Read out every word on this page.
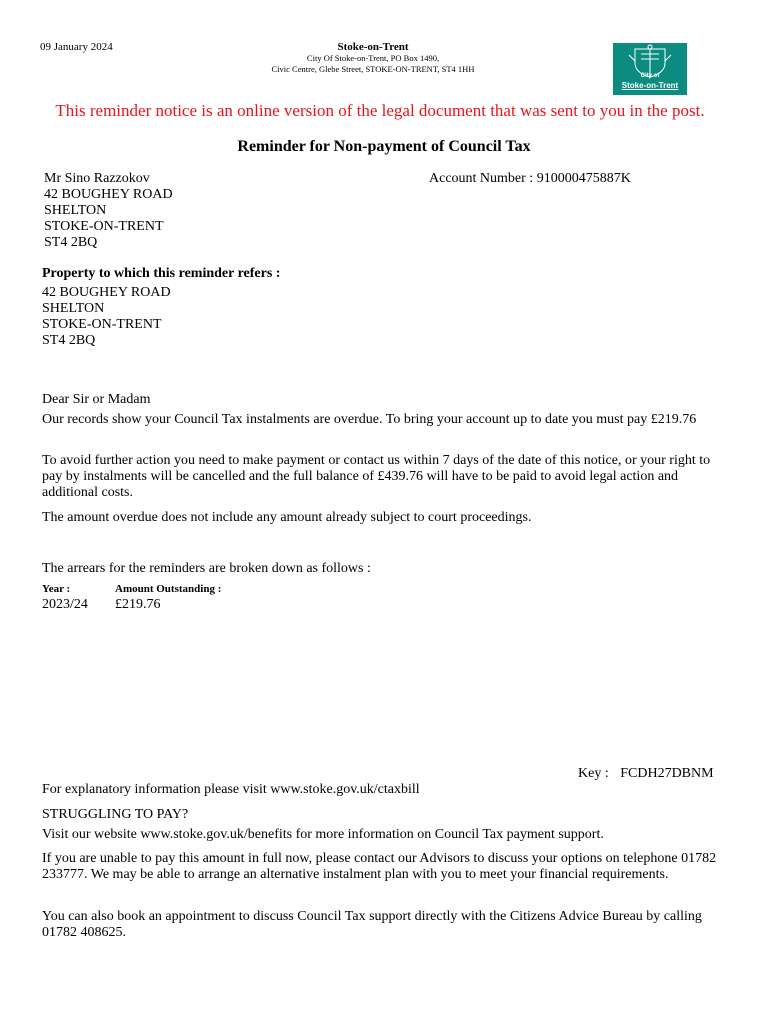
09 January 2024	Stoke-on-Trent
City Of Stoke-on-Trent, PO Box 1490,
Civic Centre, Glebe Street, STOKE-ON-TRENT, ST4 1HH
City of
Stoke-on-Trent
This reminder notice is an online version of the legal document that was sent to you in the post.
Reminder for Non-payment of Council Tax
Mr Sino Razzokov
42 BOUGHEY ROAD
SHELTON
STOKE-ON-TRENT
ST4 2BQ
Account Number : 910000475887K
Property to which this reminder refers :
42 BOUGHEY ROAD
SHELTON
STOKE-ON-TRENT
ST4 2BQ
Dear Sir or Madam
Our records show your Council Tax instalments are overdue. To bring your account up to date you must pay £219.76
To avoid further action you need to make payment or contact us within 7 days of the date of this notice, or your right to pay by instalments will be cancelled and the full balance of £439.76 will have to be paid to avoid legal action and additional costs.
The amount overdue does not include any amount already subject to court proceedings.
The arrears for the reminders are broken down as follows :
Year :	Amount Outstanding :
2023/24 £219.76
Key : FCDH27DBNM
For explanatory information please visit www.stoke.gov.uk/ctaxbill
STRUGGLING TO PAY?
Visit our website www.stoke.gov.uk/benefits for more information on Council Tax payment support.
If you are unable to pay this amount in full now, please contact our Advisors to discuss your options on telephone 01782 233777. We may be able to arrange an alternative instalment plan with you to meet your financial requirements.
You can also book an appointment to discuss Council Tax support directly with the Citizens Advice Bureau by calling 01782 408625.
